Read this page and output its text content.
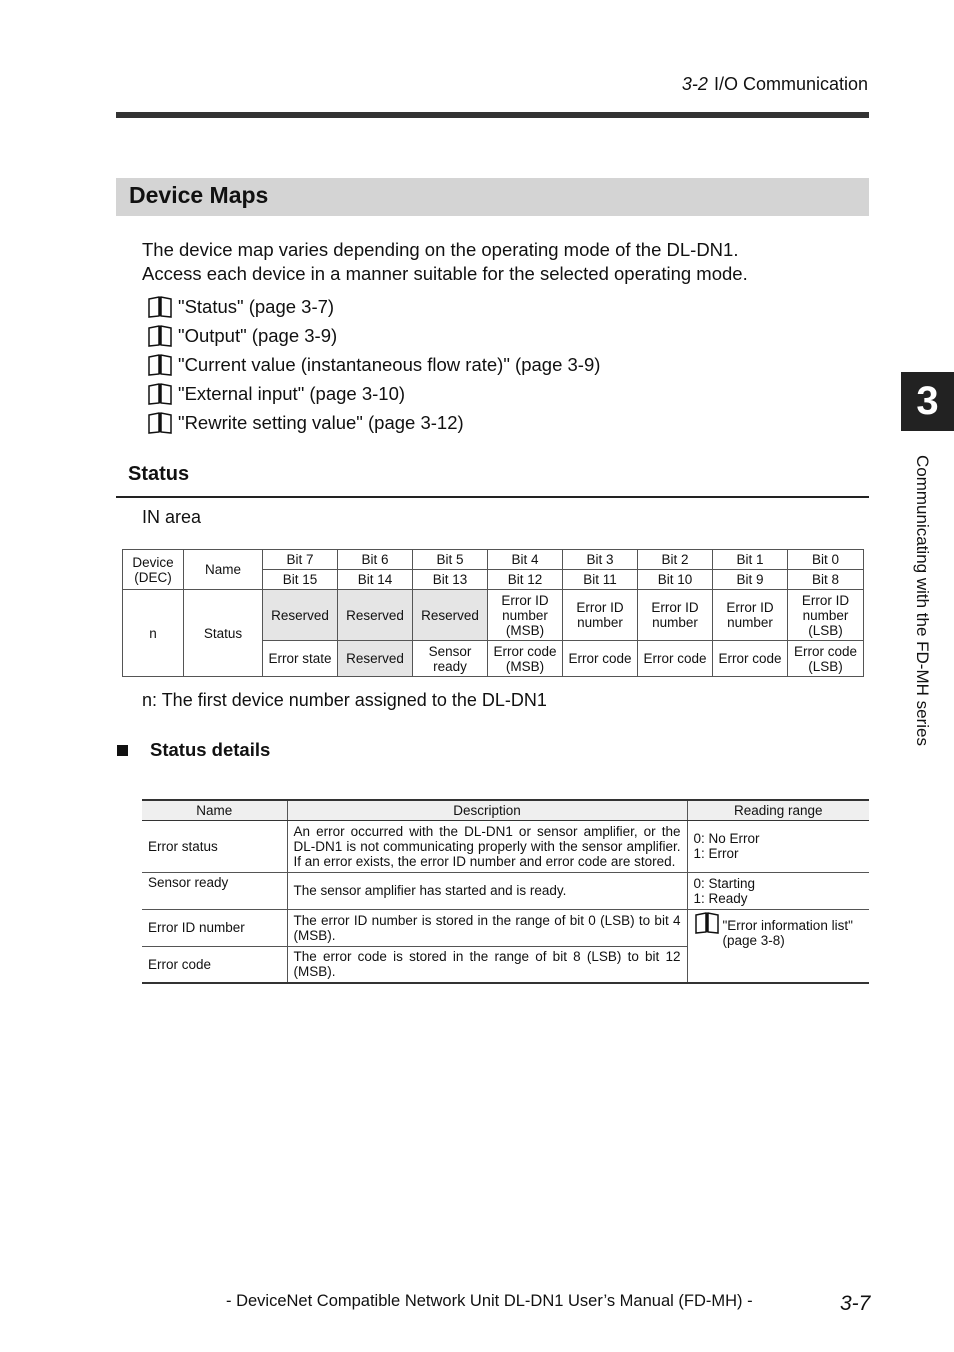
3-2 I/O Communication
Device Maps
The device map varies depending on the operating mode of the DL-DN1.
Access each device in a manner suitable for the selected operating mode.
"Status" (page 3-7)
"Output" (page 3-9)
"Current value (instantaneous flow rate)" (page 3-9)
"External input" (page 3-10)
"Rewrite setting value" (page 3-12)
Status
IN area
Device (DEC)	Name	Bit 7	Bit 6	Bit 5	Bit 4	Bit 3	Bit 2	Bit 1	Bit 0
		Bit 15	Bit 14	Bit 13	Bit 12	Bit 11	Bit 10	Bit 9	Bit 8
n	Status	Reserved	Reserved	Reserved	Error ID number (MSB)	Error ID number	Error ID number	Error ID number	Error ID number (LSB)
		Error state	Reserved	Sensor ready	Error code (MSB)	Error code	Error code	Error code	Error code (LSB)
n: The first device number assigned to the DL-DN1
Status details
Name	Description	Reading range
Error status	An error occurred with the DL-DN1 or sensor amplifier, or the DL-DN1 is not communicating properly with the sensor amplifier. If an error exists, the error ID number and error code are stored.	0: No Error
1: Error

Sensor ready	The sensor amplifier has started and is ready.	0: Starting
1: Ready

Error ID number	The error ID number is stored in the range of bit 0 (LSB) to bit 4 (MSB).	"Error information list" (page 3-8)

Error code	The error code is stored in the range of bit 8 (LSB) to bit 12 (MSB).	
3
Communicating with the FD-MH series
- DeviceNet Compatible Network Unit DL-DN1 User’s Manual (FD-MH) -	3-7
